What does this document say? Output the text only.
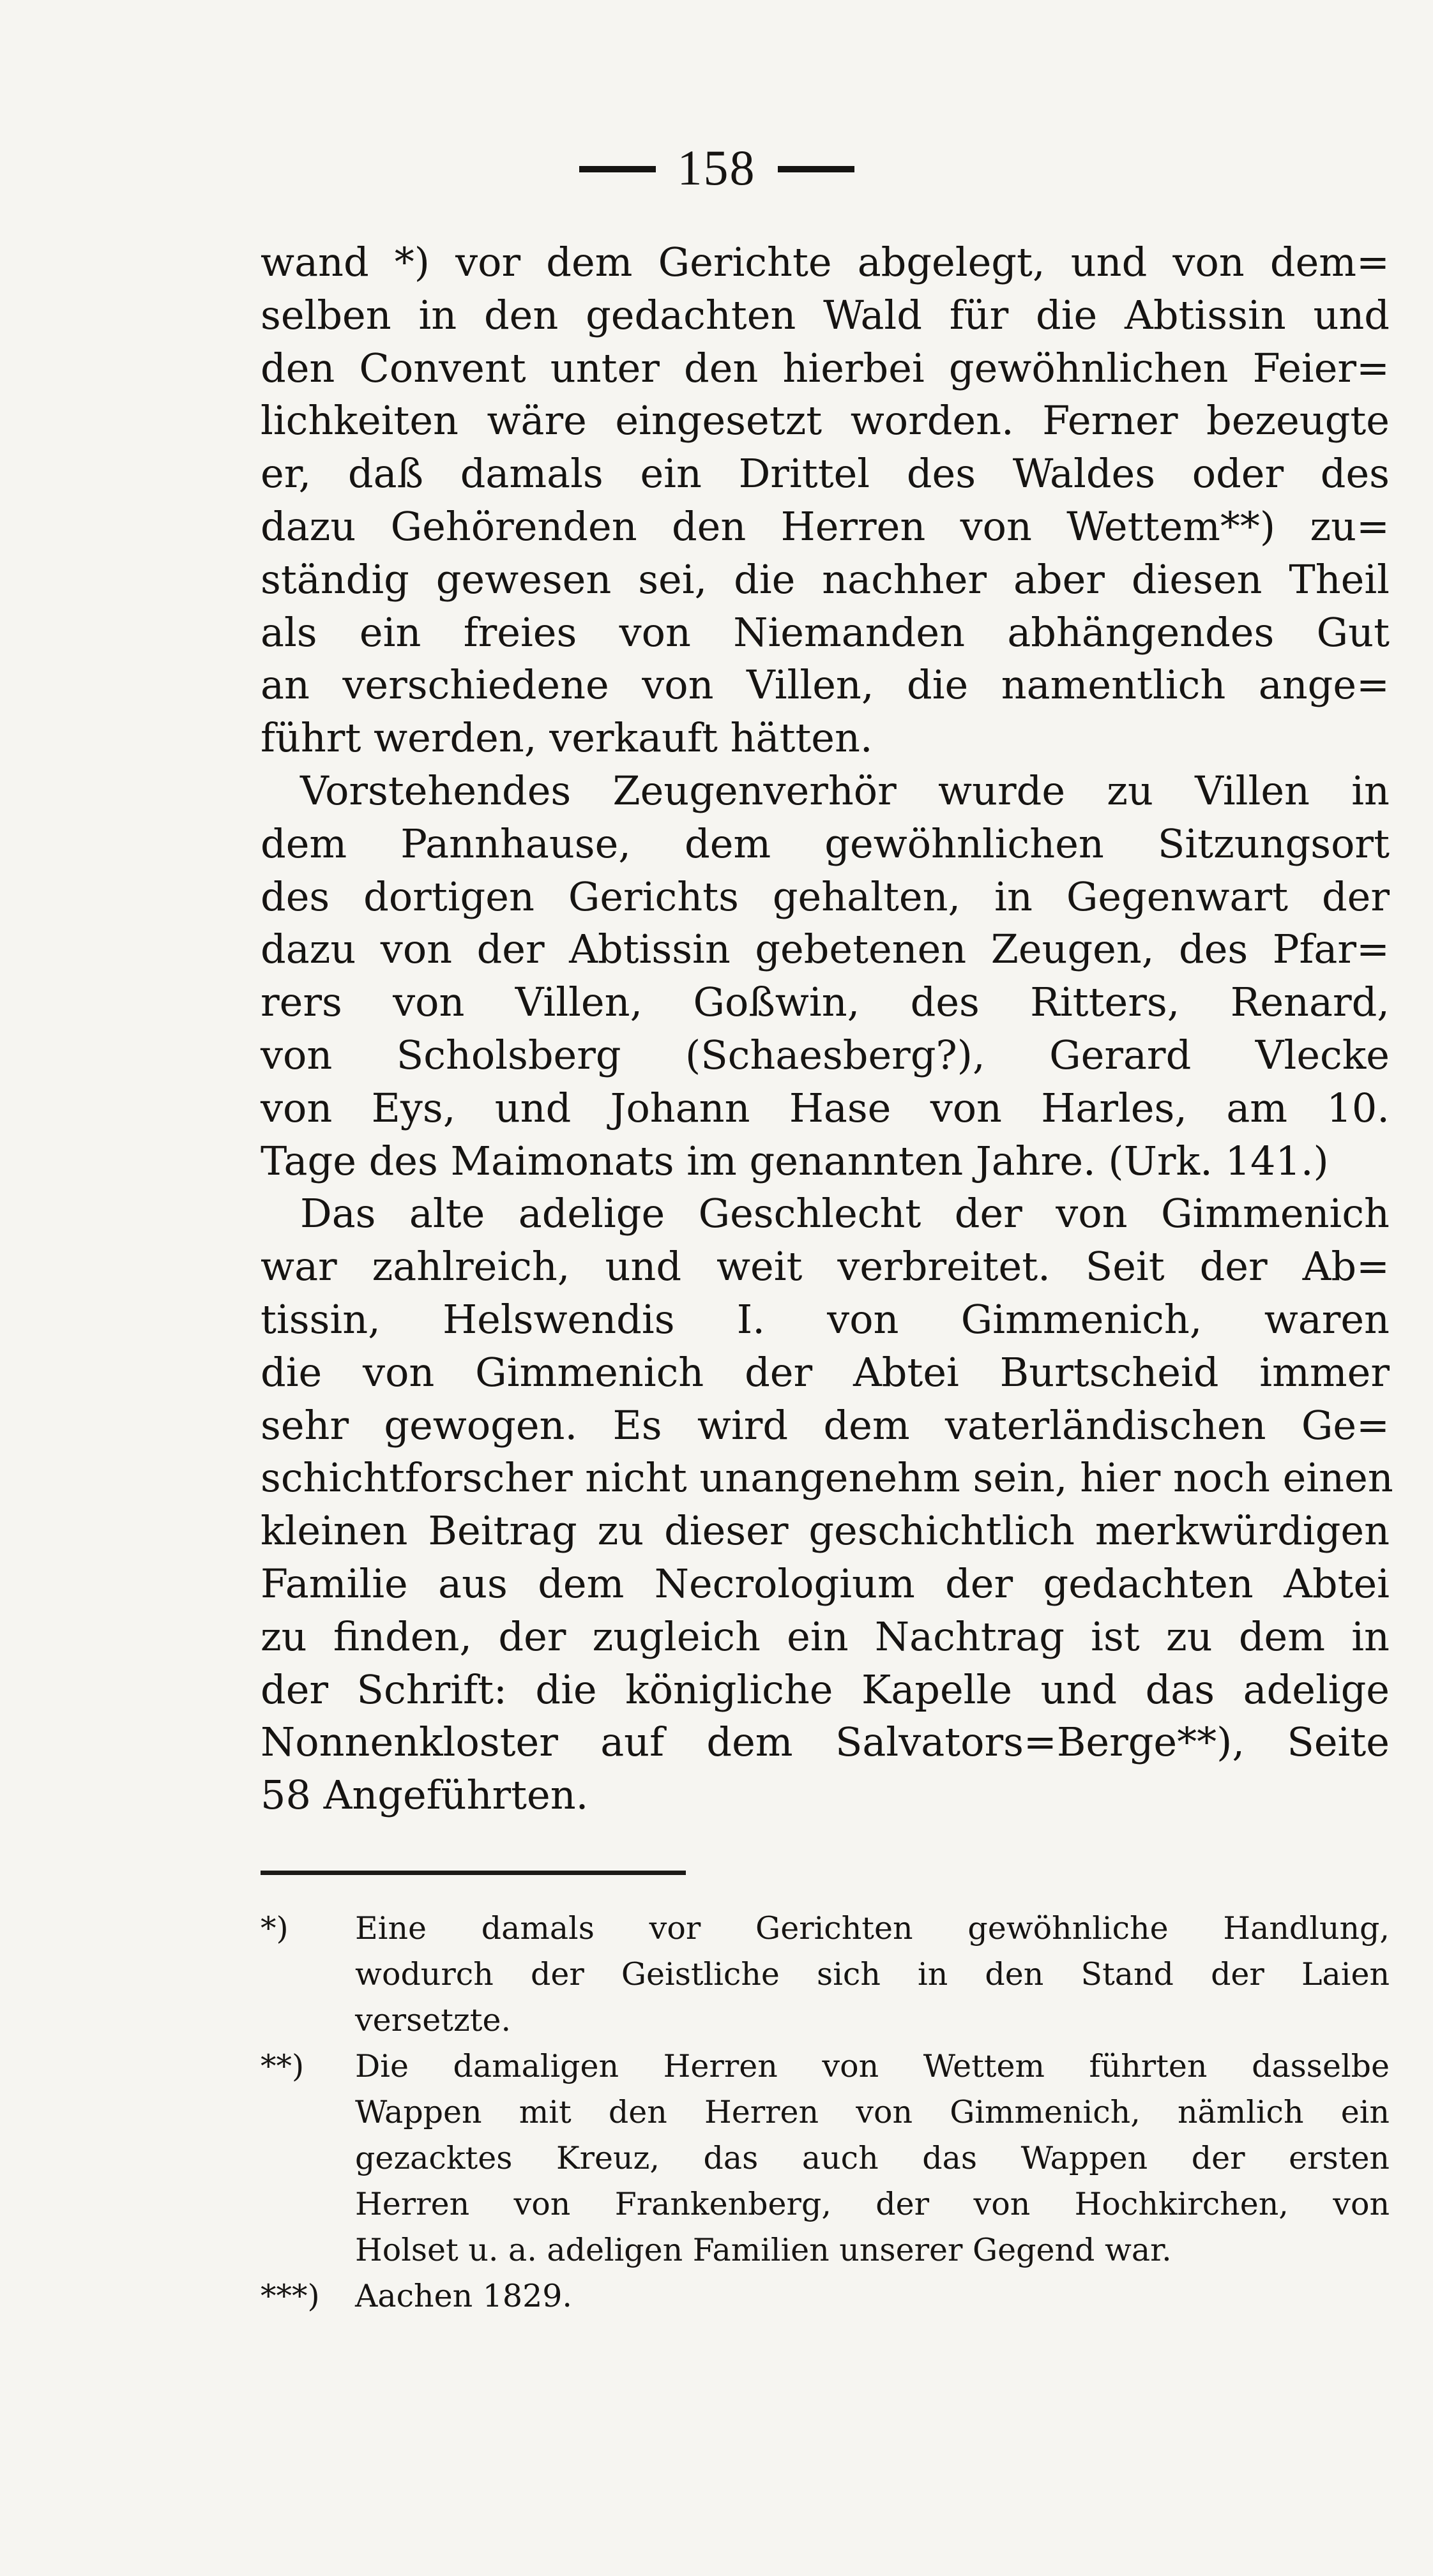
158
wand *) vor dem Gerichte abgelegt, und von dem=
selben in den gedachten Wald für die Abtissin und
den Convent unter den hierbei gewöhnlichen Feier=
lichkeiten wäre eingesetzt worden. Ferner bezeugte
er, daß damals ein Drittel des Waldes oder des
dazu Gehörenden den Herren von Wettem**) zu=
ständig gewesen sei, die nachher aber diesen Theil
als ein freies von Niemanden abhängendes Gut
an verschiedene von Villen, die namentlich ange=
führt werden, verkauft hätten.
Vorstehendes Zeugenverhör wurde zu Villen in
dem Pannhause, dem gewöhnlichen Sitzungsort
des dortigen Gerichts gehalten, in Gegenwart der
dazu von der Abtissin gebetenen Zeugen, des Pfar=
rers von Villen, Goßwin, des Ritters, Renard,
von Scholsberg (Schaesberg?), Gerard Vlecke
von Eys, und Johann Hase von Harles, am 10.
Tage des Maimonats im genannten Jahre. (Urk. 141.)
Das alte adelige Geschlecht der von Gimmenich
war zahlreich, und weit verbreitet. Seit der Ab=
tissin, Helswendis I. von Gimmenich, waren
die von Gimmenich der Abtei Burtscheid immer
sehr gewogen. Es wird dem vaterländischen Ge=
schichtforscher nicht unangenehm sein, hier noch einen
kleinen Beitrag zu dieser geschichtlich merkwürdigen
Familie aus dem Necrologium der gedachten Abtei
zu finden, der zugleich ein Nachtrag ist zu dem in
der Schrift: die königliche Kapelle und das adelige
Nonnenkloster auf dem Salvators=Berge**), Seite
58 Angeführten.
*)	Eine damals vor Gerichten gewöhnliche Handlung,
wodurch der Geistliche sich in den Stand der Laien
versetzte.
**)	Die damaligen Herren von Wettem führten dasselbe
Wappen mit den Herren von Gimmenich, nämlich ein
gezacktes Kreuz, das auch das Wappen der ersten
Herren von Frankenberg, der von Hochkirchen, von
Holset u. a. adeligen Familien unserer Gegend war.
***)	Aachen 1829.
